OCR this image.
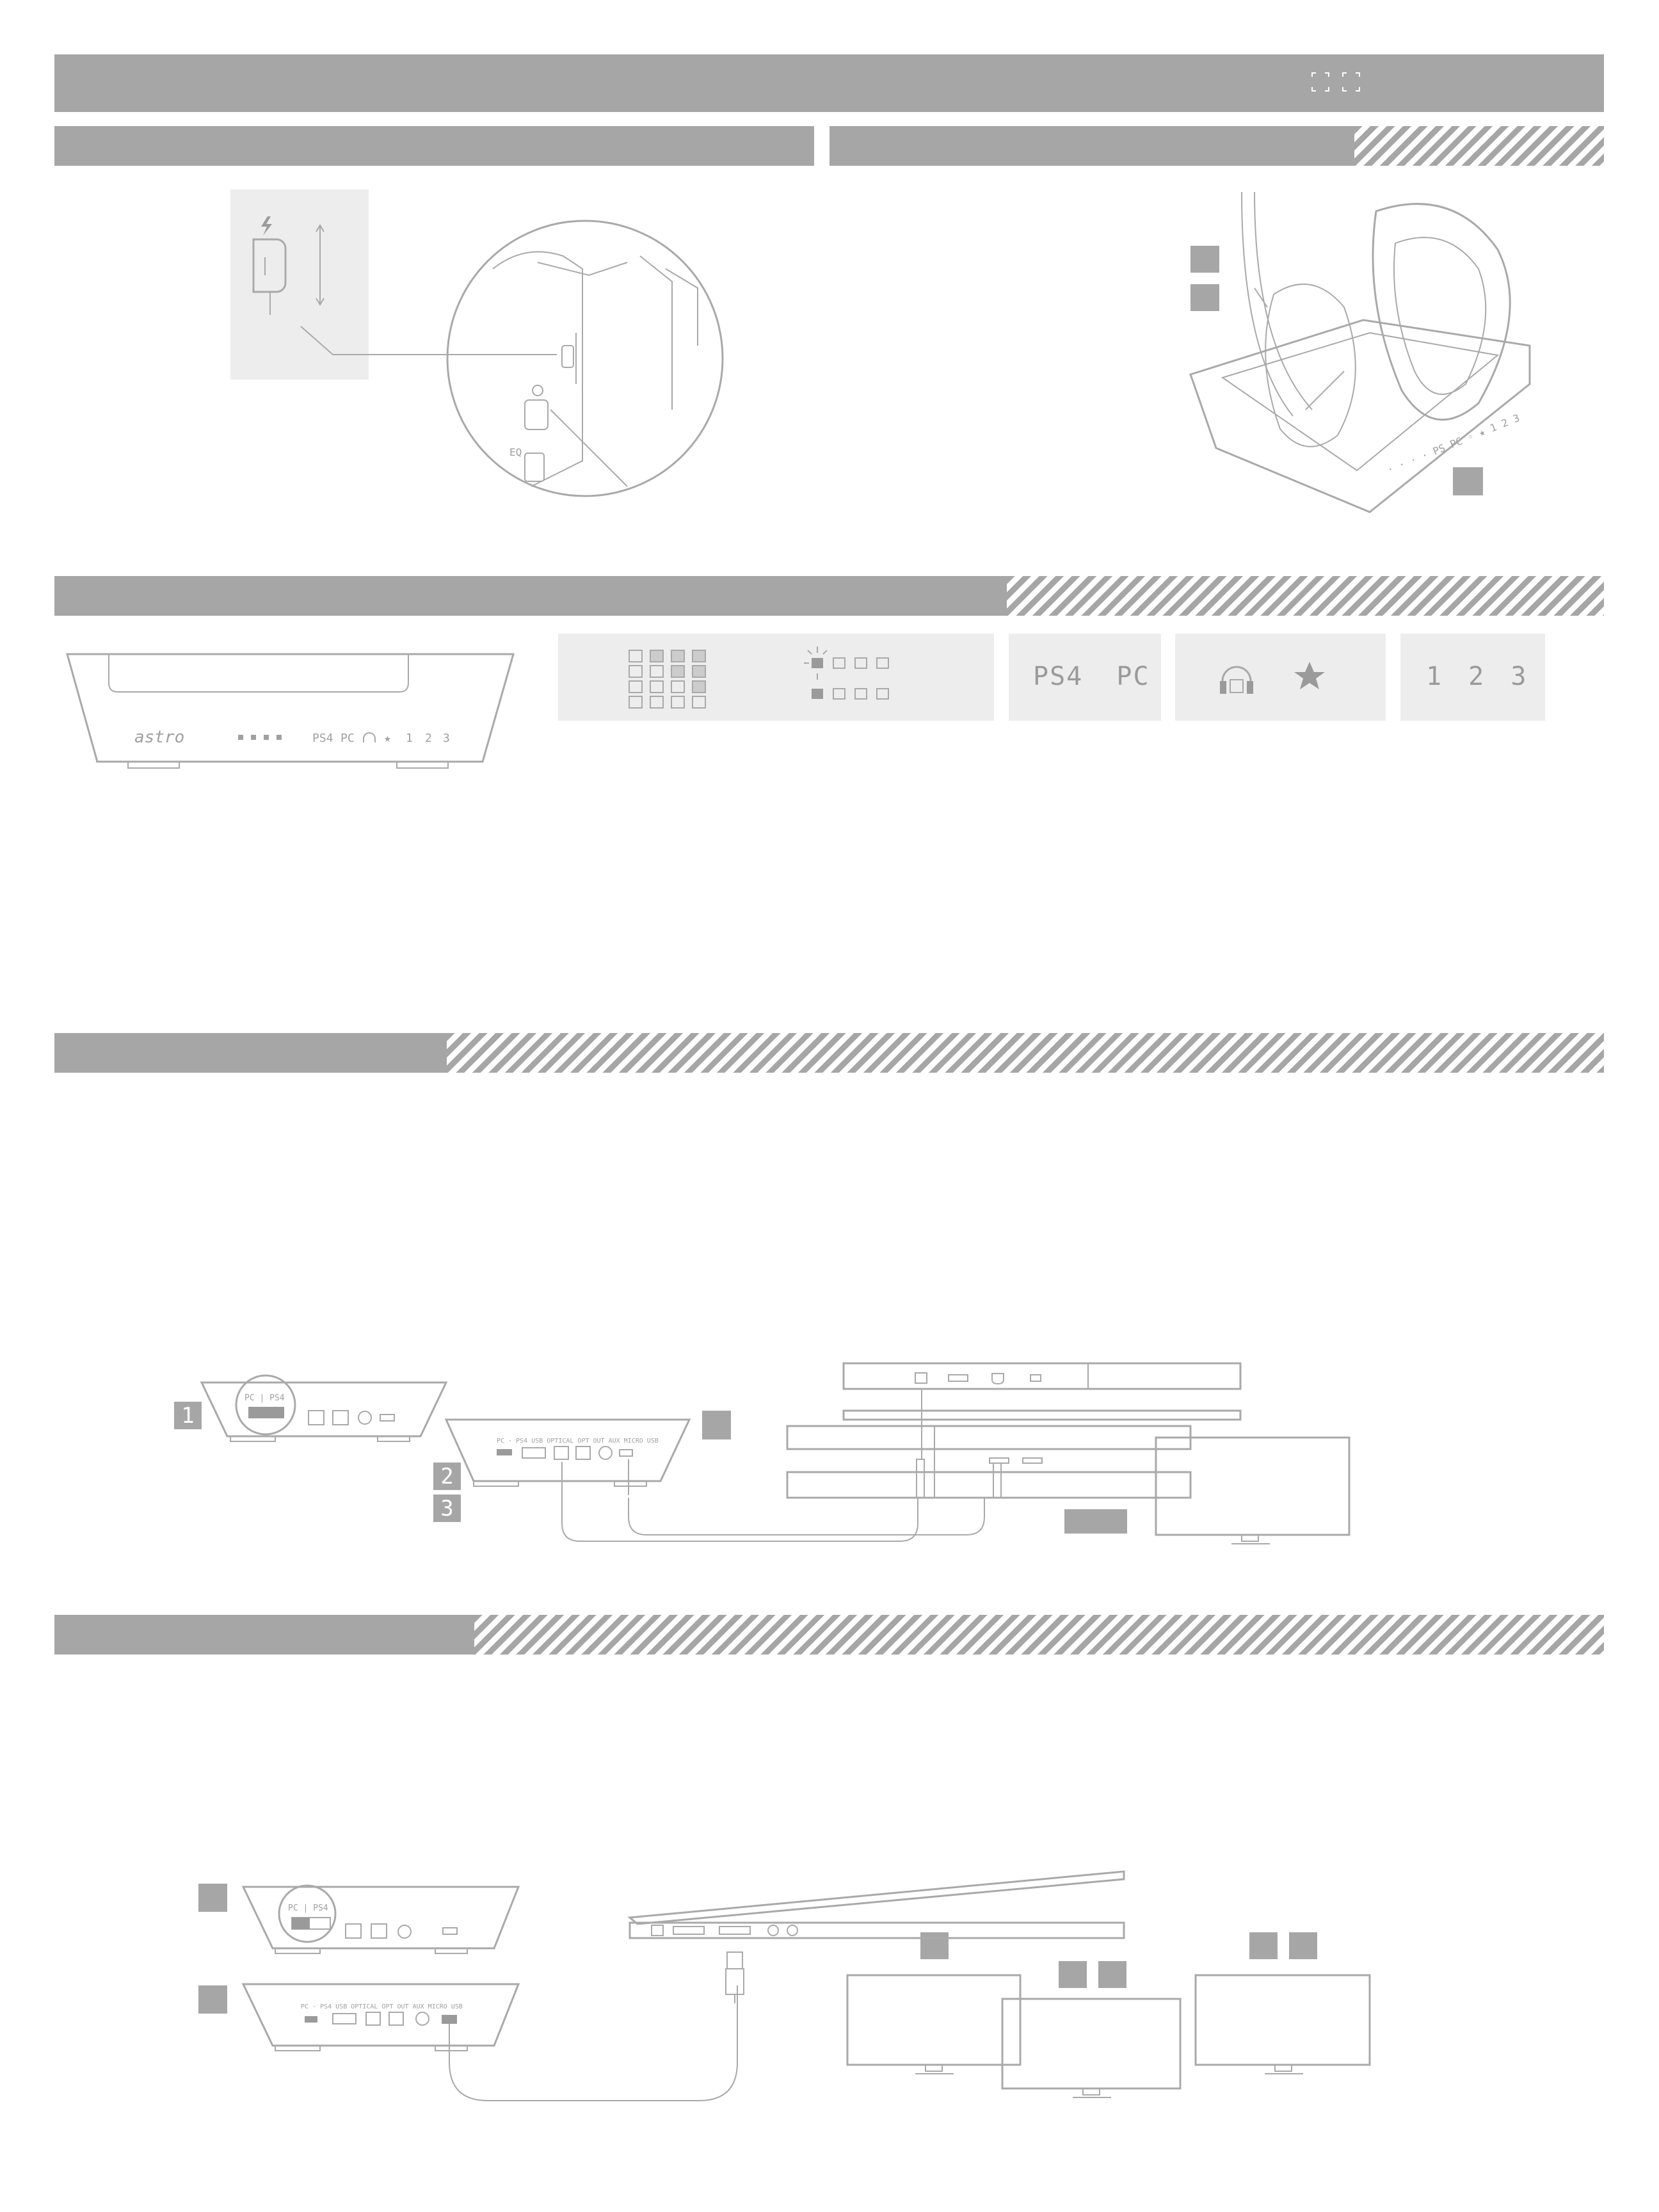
PS4  PC	1 2 3
1
2
3
EQ	· · · · PS PC ◦ ★ 1 2 3
astro	PS4 PC	★ 1 2 3
PC | PS4
PC · PS4 USB OPTICAL OPT OUT AUX MICRO USB
PC | PS4
PC · PS4 USB OPTICAL OPT OUT AUX MICRO USB
